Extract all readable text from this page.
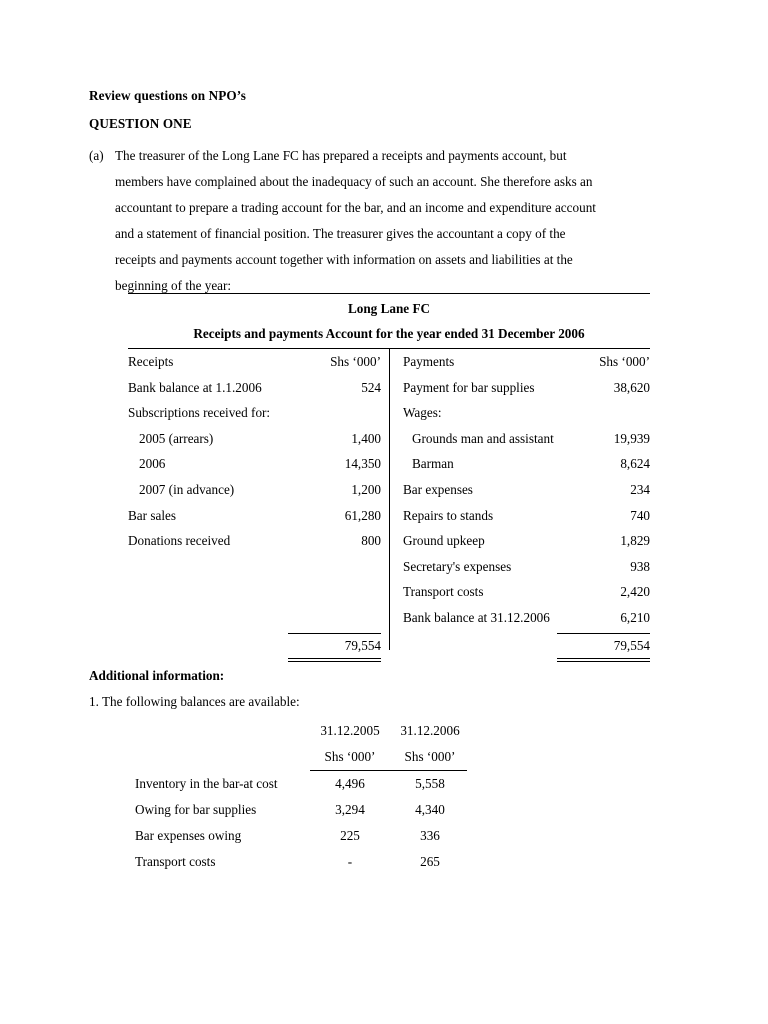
Review questions on NPO’s
QUESTION ONE
(a) The treasurer of the Long Lane FC has prepared a receipts and payments account, but
members have complained about the inadequacy of such an account. She therefore asks an
accountant to prepare a trading account for the bar, and an income and expenditure account
and a statement of financial position. The treasurer gives the accountant a copy of the
receipts and payments account together with information on assets and liabilities at the
beginning of the year:
Long Lane FC
Receipts and payments Account for the year ended 31 December 2006
Receipts	Shs ‘000’
Bank balance at 1.1.2006	524
Subscriptions received for:
2005 (arrears)	1,400
2006	14,350
2007 (in advance)	1,200
Bar sales	61,280
Donations received	800
79,554
Payments	Shs ‘000’
Payment for bar supplies	38,620
Wages:
Grounds man and assistant	19,939
Barman	8,624
Bar expenses	234
Repairs to stands	740
Ground upkeep	1,829
Secretary's expenses	938
Transport costs	2,420
Bank balance at 31.12.2006	6,210
79,554
Additional information:
1. The following balances are available:
31.12.2005	31.12.2006
Shs ‘000’	Shs ‘000’
Inventory in the bar-at cost	4,496	5,558
Owing for bar supplies	3,294	4,340
Bar expenses owing	225	336
Transport costs	-	265
